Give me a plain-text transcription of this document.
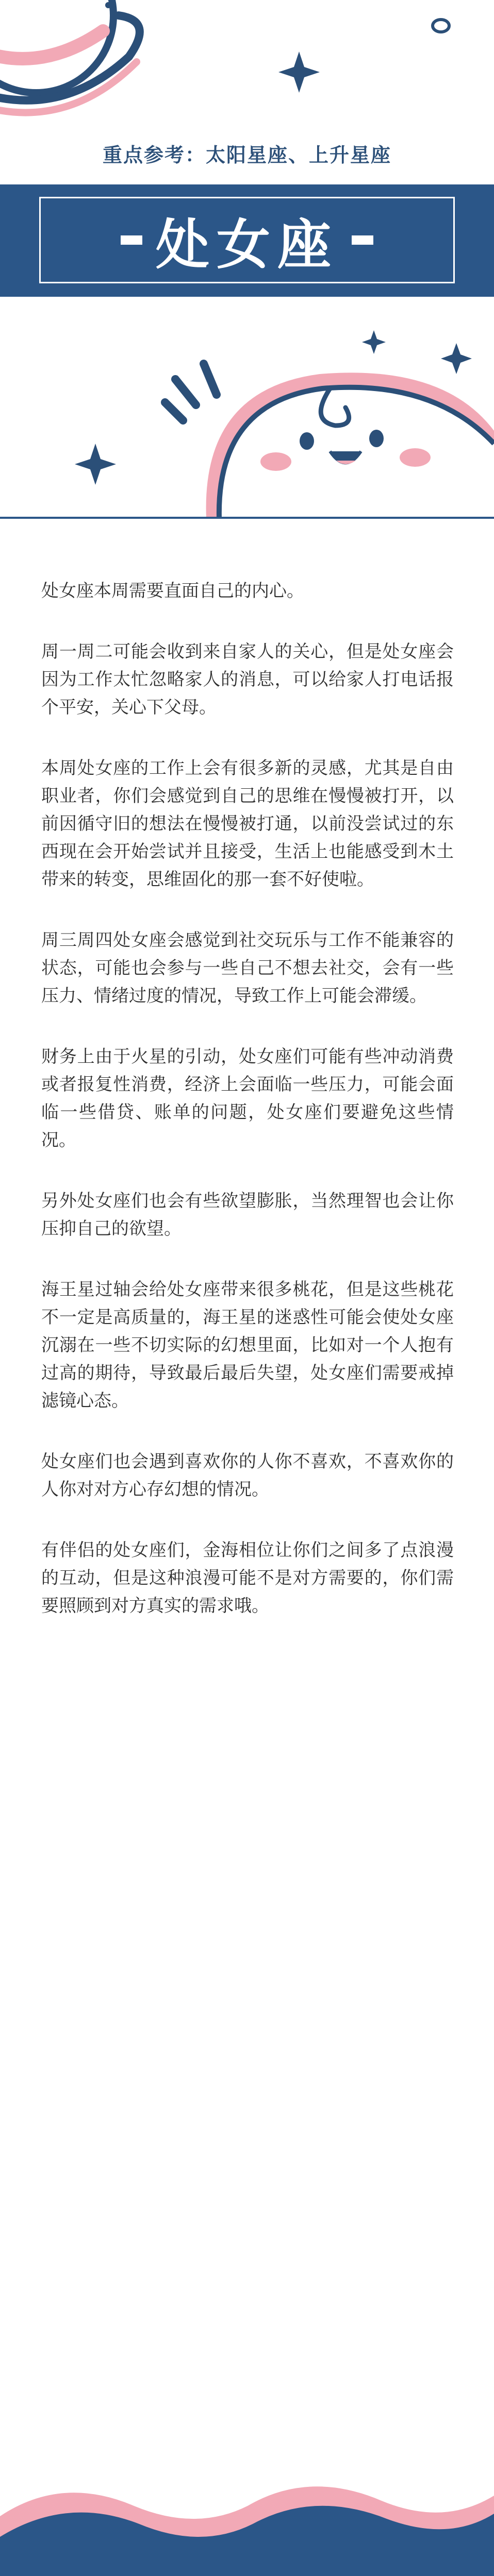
重点参考：太阳星座、上升星座
处女座

处女座本周需要直面自己的内心。

周一周二可能会收到来自家人的关心，但是处女座会因为工作太忙忽略家人的消息，可以给家人打电话报个平安，关心下父母。

本周处女座的工作上会有很多新的灵感，尤其是自由职业者，你们会感觉到自己的思维在慢慢被打开，以前因循守旧的想法在慢慢被打通，以前没尝试过的东西现在会开始尝试并且接受，生活上也能感受到木土带来的转变，思维固化的那一套不好使啦。

周三周四处女座会感觉到社交玩乐与工作不能兼容的状态，可能也会参与一些自己不想去社交，会有一些压力、情绪过度的情况，导致工作上可能会滞缓。

财务上由于火星的引动，处女座们可能有些冲动消费或者报复性消费，经济上会面临一些压力，可能会面临一些借贷、账单的问题，处女座们要避免这些情况。

另外处女座们也会有些欲望膨胀，当然理智也会让你压抑自己的欲望。

海王星过轴会给处女座带来很多桃花，但是这些桃花不一定是高质量的，海王星的迷惑性可能会使处女座沉溺在一些不切实际的幻想里面，比如对一个人抱有过高的期待，导致最后最后失望，处女座们需要戒掉滤镜心态。

处女座们也会遇到喜欢你的人你不喜欢，不喜欢你的人你对对方心存幻想的情况。

有伴侣的处女座们，金海相位让你们之间多了点浪漫的互动，但是这种浪漫可能不是对方需要的，你们需要照顾到对方真实的需求哦。
